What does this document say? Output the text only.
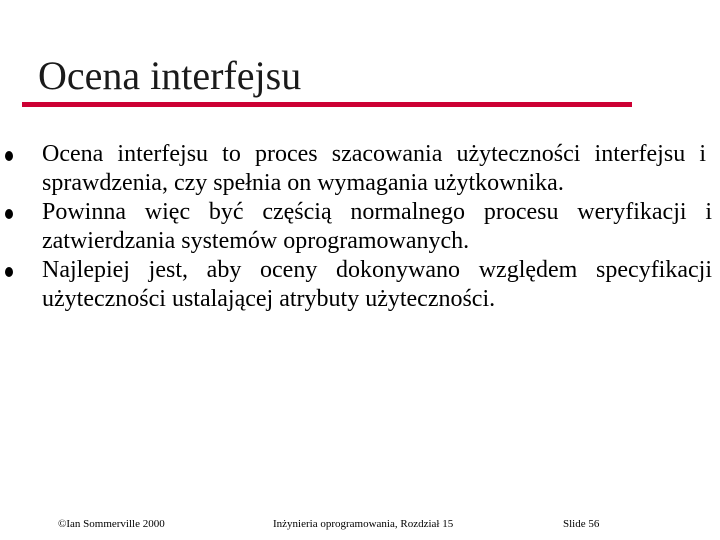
Ocena interfejsu
Ocena interfejsu to proces szacowania użyteczności interfejsu i sprawdzenia, czy spełnia on wymagania użytkownika.
Powinna więc być częścią normalnego procesu weryfikacji i zatwierdzania systemów oprogramowanych.
Najlepiej jest, aby oceny dokonywano względem specyfikacji użyteczności ustalającej atrybuty użyteczności.
©Ian Sommerville 2000	Inżynieria oprogramowania, Rozdział 15	Slide 56
